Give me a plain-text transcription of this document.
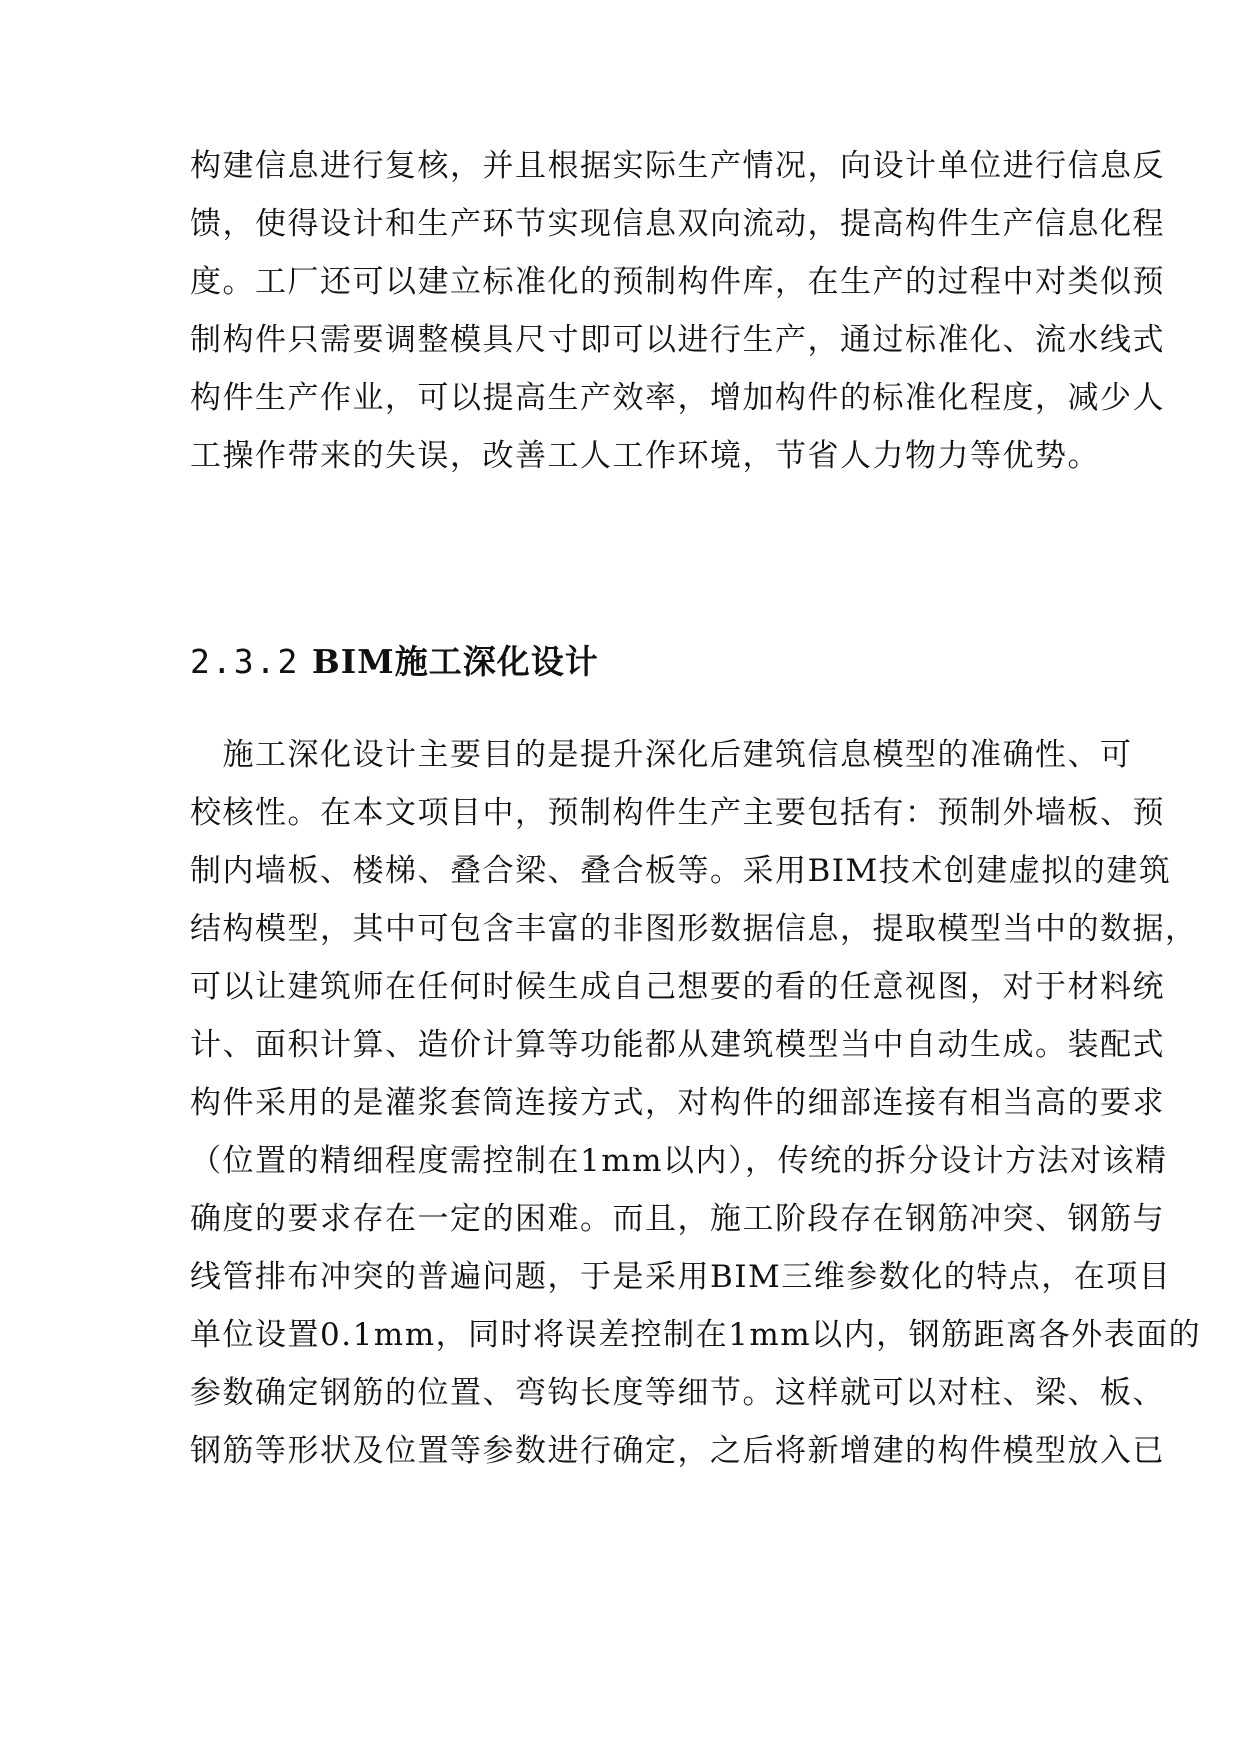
构建信息进行复核，并且根据实际生产情况，向设计单位进行信息反
馈，使得设计和生产环节实现信息双向流动，提高构件生产信息化程
度。工厂还可以建立标准化的预制构件库，在生产的过程中对类似预
制构件只需要调整模具尺寸即可以进行生产，通过标准化、流水线式
构件生产作业，可以提高生产效率，增加构件的标准化程度，减少人
工操作带来的失误，改善工人工作环境，节省人力物力等优势。
2.3.2 BIM施工深化设计
　施工深化设计主要目的是提升深化后建筑信息模型的准确性、可
校核性。在本文项目中，预制构件生产主要包括有：预制外墙板、预
制内墙板、楼梯、叠合梁、叠合板等。采用BIM技术创建虚拟的建筑
结构模型，其中可包含丰富的非图形数据信息，提取模型当中的数据，
可以让建筑师在任何时候生成自己想要的看的任意视图，对于材料统
计、面积计算、造价计算等功能都从建筑模型当中自动生成。装配式
构件采用的是灌浆套筒连接方式，对构件的细部连接有相当高的要求
（位置的精细程度需控制在1mm以内），传统的拆分设计方法对该精
确度的要求存在一定的困难。而且，施工阶段存在钢筋冲突、钢筋与
线管排布冲突的普遍问题，于是采用BIM三维参数化的特点，在项目
单位设置0.1mm，同时将误差控制在1mm以内，钢筋距离各外表面的
参数确定钢筋的位置、弯钩长度等细节。这样就可以对柱、梁、板、
钢筋等形状及位置等参数进行确定，之后将新增建的构件模型放入已
